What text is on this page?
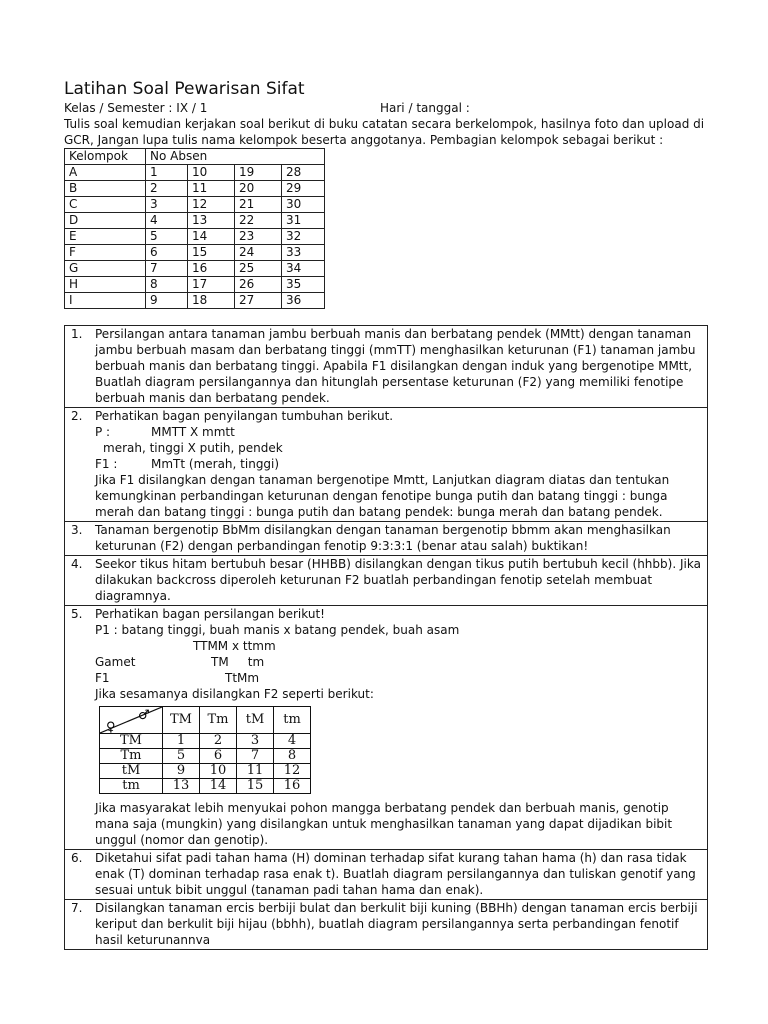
Latihan Soal Pewarisan Sifat
Kelas / Semester : IX / 1	Hari / tanggal :
Tulis soal kemudian kerjakan soal berikut di buku catatan secara berkelompok, hasilnya foto dan upload di GCR, Jangan lupa tulis nama kelompok beserta anggotanya. Pembagian kelompok sebagai berikut :
Kelompok	No Absen			
A	1	10	19	28
B	2	11	20	29
C	3	12	21	30
D	4	13	22	31
E	5	14	23	32
F	6	15	24	33
G	7	16	25	34
H	8	17	26	35
I	9	18	27	36
1. Persilangan antara tanaman jambu berbuah manis dan berbatang pendek (MMtt) dengan tanaman jambu berbuah masam dan berbatang tinggi (mmTT) menghasilkan keturunan (F1) tanaman jambu berbuah manis dan berbatang tinggi. Apabila F1 disilangkan dengan induk yang bergenotipe MMtt, Buatlah diagram persilangannya dan hitunglah persentase keturunan (F2) yang memiliki fenotipe berbuah manis dan berbatang pendek.

2. Perhatikan bagan penyilangan tumbuhan berikut.

P :	MMTT X mmtt

merah, tinggi X putih, pendek

F1 :	MmTt (merah, tinggi)

Jika F1 disilangkan dengan tanaman bergenotipe Mmtt, Lanjutkan diagram diatas dan tentukan kemungkinan perbandingan keturunan dengan fenotipe bunga putih dan batang tinggi : bunga merah dan batang tinggi : bunga putih dan batang pendek: bunga merah dan batang pendek.

3. Tanaman bergenotip BbMm disilangkan dengan tanaman bergenotip bbmm akan menghasilkan keturunan (F2) dengan perbandingan fenotip 9:3:3:1 (benar atau salah) buktikan!

4. Seekor tikus hitam bertubuh besar (HHBB) disilangkan dengan tikus putih bertubuh kecil (hhbb). Jika dilakukan backcross diperoleh keturunan F2 buatlah perbandingan fenotip setelah membuat diagramnya.

5. Perhatikan bagan persilangan berikut!

P1 : batang tinggi, buah manis x batang pendek, buah asam

TTMM x ttmm

Gamet	TM     tm

F1	TtMm

Jika sesamanya disilangkan F2 seperti berikut:

♂
♀	TM	Tm	tM	tm
TM	1	2	3	4
Tm	5	6	7	8
tM	9	10	11	12
tm	13	14	15	16

Jika masyarakat lebih menyukai pohon mangga berbatang pendek dan berbuah manis, genotip mana saja (mungkin) yang disilangkan untuk menghasilkan tanaman yang dapat dijadikan bibit unggul (nomor dan genotip).

6. Diketahui sifat padi tahan hama (H) dominan terhadap sifat kurang tahan hama (h) dan rasa tidak enak (T) dominan terhadap rasa enak t). Buatlah diagram persilangannya dan tuliskan genotif yang sesuai untuk bibit unggul (tanaman padi tahan hama dan enak).

7. Disilangkan tanaman ercis berbiji bulat dan berkulit biji kuning (BBHh) dengan tanaman ercis berbiji keriput dan berkulit biji hijau (bbhh), buatlah diagram persilangannya serta perbandingan fenotif hasil keturunannva
